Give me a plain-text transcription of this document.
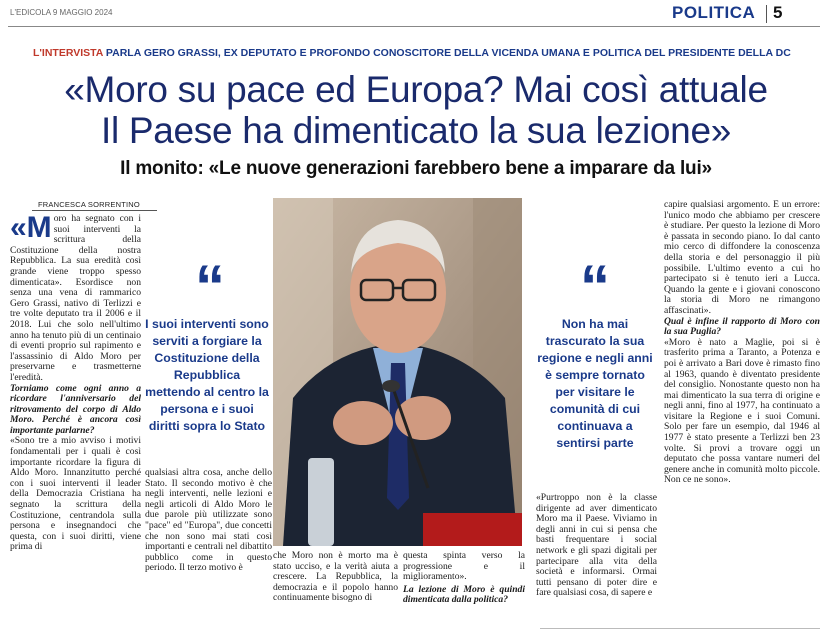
L'EDICOLA 9 MAGGIO 2024	POLITICA 5
L'INTERVISTA PARLA GERO GRASSI, EX DEPUTATO E PROFONDO CONOSCITORE DELLA VICENDA UMANA E POLITICA DEL PRESIDENTE DELLA DC
«Moro su pace ed Europa? Mai così attuale
Il Paese ha dimenticato la sua lezione»
Il monito: «Le nuove generazioni farebbero bene a imparare da lui»
FRANCESCA SORRENTINO
«M oro ha segnato con i suoi interventi la scrittura della Costituzione della nostra Repubblica. La sua eredità così grande viene troppo spesso dimenticata». Esordisce non senza una vena di rammarico Gero Grassi, nativo di Terlizzi e tre volte deputato tra il 2006 e il 2018. Lui che solo nell'ultimo anno ha tenuto più di un centinaio di eventi proprio sul rapimento e l'assassinio di Aldo Moro per preservarne e trasmetterne l'eredità.

Torniamo come ogni anno a ricordare l'anniversario del ritrovamento del corpo di Aldo Moro. Perché è ancora così importante parlarne?

«Sono tre a mio avviso i motivi fondamentali per i quali è così importante ricordare la figura di Aldo Moro. Innanzitutto perché con i suoi interventi il leader della Democrazia Cristiana ha segnato la scrittura della Costituzione, centrandola sulla persona e insegnandoci che questa, con i suoi diritti, viene prima di

“
I suoi interventi sono serviti a forgiare la Costituzione della Repubblica mettendo al centro la persona e i suoi diritti sopra lo Stato

qualsiasi altra cosa, anche dello Stato. Il secondo motivo è che negli interventi, nelle lezioni e negli articoli di Aldo Moro le due parole più utilizzate sono "pace" ed "Europa", due concetti che non sono mai stati così importanti e centrali nel dibattito pubblico come in questo periodo. Il terzo motivo è

che Moro non è morto ma è stato ucciso, e la verità aiuta a crescere. La Repubblica, la democrazia e il popolo hanno continuamente bisogno di

questa spinta verso la progressione e il miglioramento».

La lezione di Moro è quindi dimenticata dalla politica?

“
Non ha mai trascurato la sua regione e negli anni è sempre tornato per visitare le comunità di cui continuava a sentirsi parte

«Purtroppo non è la classe dirigente ad aver dimenticato Moro ma il Paese. Viviamo in degli anni in cui si pensa che basti frequentare i social network e gli spazi digitali per partecipare alla vita della società e informarsi. Ormai tutti pensano di poter dire e fare qualsiasi cosa, di sapere e

capire qualsiasi argomento. È un errore: l'unico modo che abbiamo per crescere è studiare. Per questo la lezione di Moro è passata in secondo piano. Io dal canto mio cerco di diffondere la conoscenza della storia e del personaggio il più possibile. L'ultimo evento a cui ho partecipato si è tenuto ieri a Lucca. Quando la gente e i giovani conoscono la storia di Moro ne rimangono affascinati».

Qual è infine il rapporto di Moro con la sua Puglia?

«Moro è nato a Maglie, poi si è trasferito prima a Taranto, a Potenza e poi è arrivato a Bari dove è rimasto fino al 1963, quando è diventato presidente del consiglio. Nonostante questo non ha mai dimenticato la sua terra di origine e negli anni, fino al 1977, ha continuato a visitare la Regione e i suoi Comuni. Solo per fare un esempio, dal 1946 al 1977 è stato presente a Terlizzi ben 23 volte. Si provi a trovare oggi un deputato che possa vantare numeri del genere anche in comunità molto piccole. Non ce ne sono».
